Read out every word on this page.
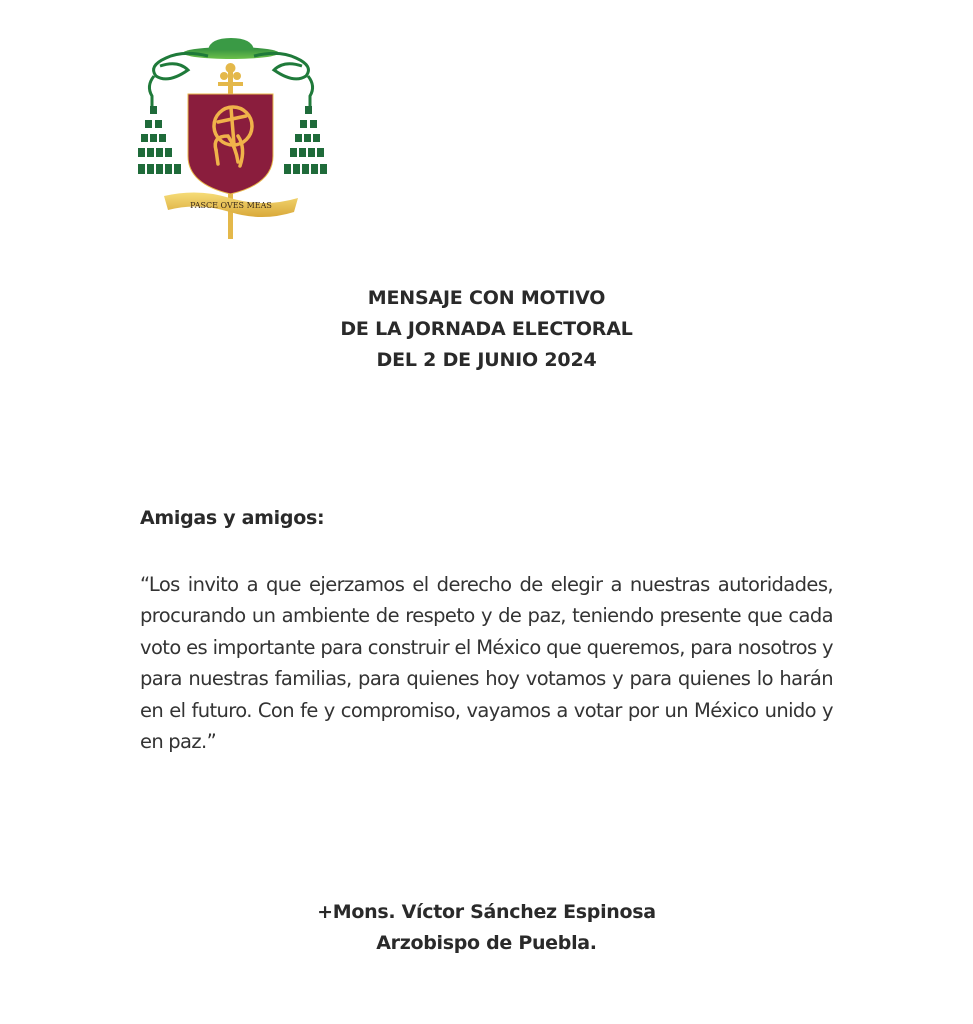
PASCE OVES MEAS
MENSAJE CON MOTIVO
DE LA JORNADA ELECTORAL
DEL 2 DE JUNIO 2024
Amigas y amigos:
“Los invito a que ejerzamos el derecho de elegir a nuestras autoridades, procurando un ambiente de respeto y de paz, teniendo presente que cada voto es importante para construir el México que queremos, para nosotros y para nuestras familias, para quienes hoy votamos y para quienes lo harán en el futuro. Con fe y compromiso, vayamos a votar por un México unido y en paz.”
+Mons. Víctor Sánchez Espinosa
Arzobispo de Puebla.
